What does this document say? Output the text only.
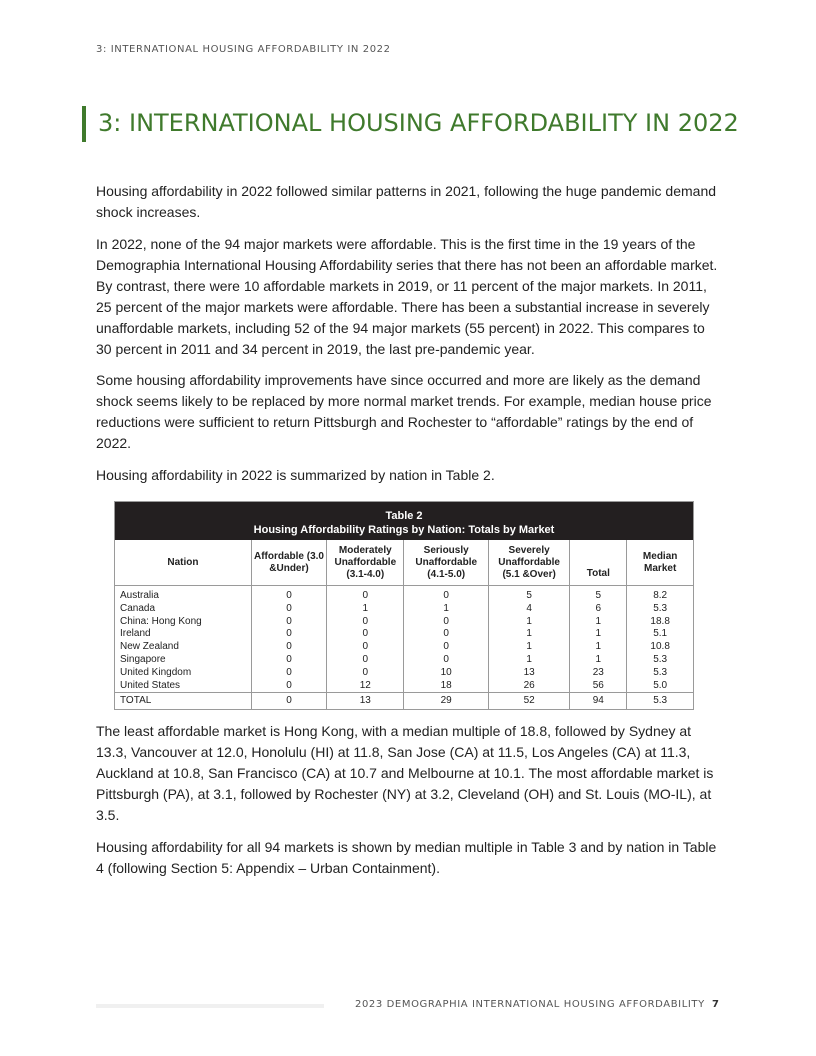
3: INTERNATIONAL HOUSING AFFORDABILITY IN 2022
3: INTERNATIONAL HOUSING AFFORDABILITY IN 2022

Housing affordability in 2022 followed similar patterns in 2021, following the huge pandemic demand shock increases.

In 2022, none of the 94 major markets were affordable. This is the first time in the 19 years of the Demographia International Housing Affordability series that there has not been an affordable market. By contrast, there were 10 affordable markets in 2019, or 11 percent of the major markets. In 2011, 25 percent of the major markets were affordable. There has been a substantial increase in severely unaffordable markets, including 52 of the 94 major markets (55 percent) in 2022. This compares to 30 percent in 2011 and 34 percent in 2019, the last pre-pandemic year.

Some housing affordability improvements have since occurred and more are likely as the demand shock seems likely to be replaced by more normal market trends. For example, median house price reductions were sufficient to return Pittsburgh and Rochester to “affordable” ratings by the end of 2022.

Housing affordability in 2022 is summarized by nation in Table 2.

Table 2
Housing Affordability Ratings by Nation: Totals by Market
Nation	Affordable (3.0 &Under)	Moderately Unaffordable (3.1-4.0)	Seriously Unaffordable (4.1-5.0)	Severely Unaffordable (5.1 &Over)	Total	Median Market
Australia	0	0	0	5	5	8.2
Canada	0	1	1	4	6	5.3
China: Hong Kong	0	0	0	1	1	18.8
Ireland	0	0	0	1	1	5.1
New Zealand	0	0	0	1	1	10.8
Singapore	0	0	0	1	1	5.3
United Kingdom	0	0	10	13	23	5.3
United States	0	12	18	26	56	5.0
TOTAL	0	13	29	52	94	5.3

The least affordable market is Hong Kong, with a median multiple of 18.8, followed by Sydney at 13.3, Vancouver at 12.0, Honolulu (HI) at 11.8, San Jose (CA) at 11.5, Los Angeles (CA) at 11.3, Auckland at 10.8, San Francisco (CA) at 10.7 and Melbourne at 10.1. The most affordable market is Pittsburgh (PA), at 3.1, followed by Rochester (NY) at 3.2, Cleveland (OH) and St. Louis (MO-IL), at 3.5.

Housing affordability for all 94 markets is shown by median multiple in Table 3 and by nation in Table 4 (following Section 5: Appendix – Urban Containment).

2023 DEMOGRAPHIA INTERNATIONAL HOUSING AFFORDABILITY 7
